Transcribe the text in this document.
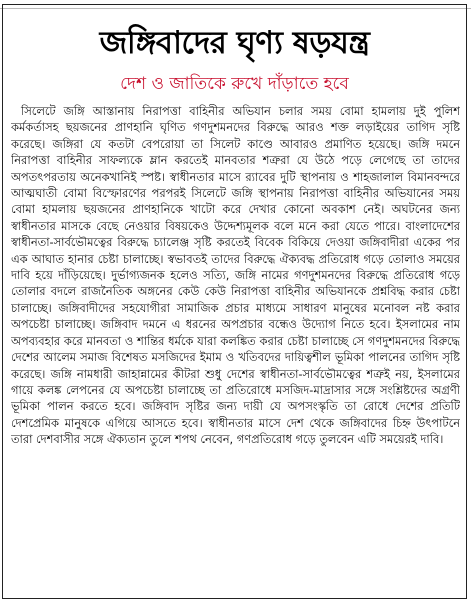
জঙ্গিবাদের ঘৃণ্য ষড়যন্ত্র
দেশ ও জাতিকে রুখে দাঁড়াতে হবে

সিলেটে জঙ্গি আস্তানায় নিরাপত্তা বাহিনীর অভিযান চলার সময় বোমা হামলায় দুই পুলিশ কর্মকর্তাসহ ছয়জনের প্রাণহানি ঘৃণিত গণদুশমনদের বিরুদ্ধে আরও শক্ত লড়াইয়ের তাগিদ সৃষ্টি করেছে। জঙ্গিরা যে কতটা বেপরোয়া তা সিলেট কাণ্ডে আবারও প্রমাণিত হয়েছে। জঙ্গি দমনে নিরাপত্তা বাহিনীর সাফল্যকে ম্লান করতেই মানবতার শত্রুরা যে উঠে পড়ে লেগেছে তা তাদের অপতৎপরতায় অনেকখানিই স্পষ্ট। স্বাধীনতার মাসে র‍্যাবের দুটি স্থাপনায় ও শাহজালাল বিমানবন্দরে আত্মঘাতী বোমা বিস্ফোরণের পরপরই সিলেটে জঙ্গি স্থাপনায় নিরাপত্তা বাহিনীর অভিযানের সময় বোমা হামলায় ছয়জনের প্রাণহানিকে খাটো করে দেখার কোনো অবকাশ নেই। অঘটনের জন্য স্বাধীনতার মাসকে বেছে নেওয়ার বিষয়কেও উদ্দেশ্যমূলক বলে মনে করা যেতে পারে। বাংলাদেশের স্বাধীনতা-সার্বভৌমত্বের বিরুদ্ধে চ্যালেঞ্জ সৃষ্টি করতেই বিবেক বিকিয়ে দেওয়া জঙ্গিবাদীরা একের পর এক আঘাত হানার চেষ্টা চালাচ্ছে। স্বভাবতই তাদের বিরুদ্ধে ঐক্যবদ্ধ প্রতিরোধ গড়ে তোলাও সময়ের দাবি হয়ে দাঁড়িয়েছে। দুর্ভাগ্যজনক হলেও সত্যি, জঙ্গি নামের গণদুশমনদের বিরুদ্ধে প্রতিরোধ গড়ে তোলার বদলে রাজনৈতিক অঙ্গনের কেউ কেউ নিরাপত্তা বাহিনীর অভিযানকে প্রশ্নবিদ্ধ করার চেষ্টা চালাচ্ছে। জঙ্গিবাদীদের সহযোগীরা সামাজিক প্রচার মাধ্যমে সাধারণ মানুষের মনোবল নষ্ট করার অপচেষ্টা চালাচ্ছে। জঙ্গিবাদ দমনে এ ধরনের অপপ্রচার বন্ধেও উদ্যোগ নিতে হবে। ইসলামের নাম অপব্যবহার করে মানবতা ও শান্তির ধর্মকে যারা কলঙ্কিত করার চেষ্টা চালাচ্ছে সে গণদুশমনদের বিরুদ্ধে দেশের আলেম সমাজ বিশেষত মসজিদের ইমাম ও খতিবদের দায়িত্বশীল ভূমিকা পালনের তাগিদ সৃষ্টি করেছে। জঙ্গি নামধারী জাহান্নামের কীটরা শুধু দেশের স্বাধীনতা-সার্বভৌমত্বের শত্রুই নয়, ইসলামের গায়ে কলঙ্ক লেপনের যে অপচেষ্টা চালাচ্ছে তা প্রতিরোধে মসজিদ-মাদ্রাসার সঙ্গে সংশ্লিষ্টদের অগ্রণী ভূমিকা পালন করতে হবে। জঙ্গিবাদ সৃষ্টির জন্য দায়ী যে অপসংস্কৃতি তা রোধে দেশের প্রতিটি দেশপ্রেমিক মানুষকে এগিয়ে আসতে হবে। স্বাধীনতার মাসে দেশ থেকে জঙ্গিবাদের চিহ্ন উৎপাটনে তারা দেশবাসীর সঙ্গে ঐক্যতান তুলে শপথ নেবেন, গণপ্রতিরোধ গড়ে তুলবেন এটি সময়েরই দাবি।
